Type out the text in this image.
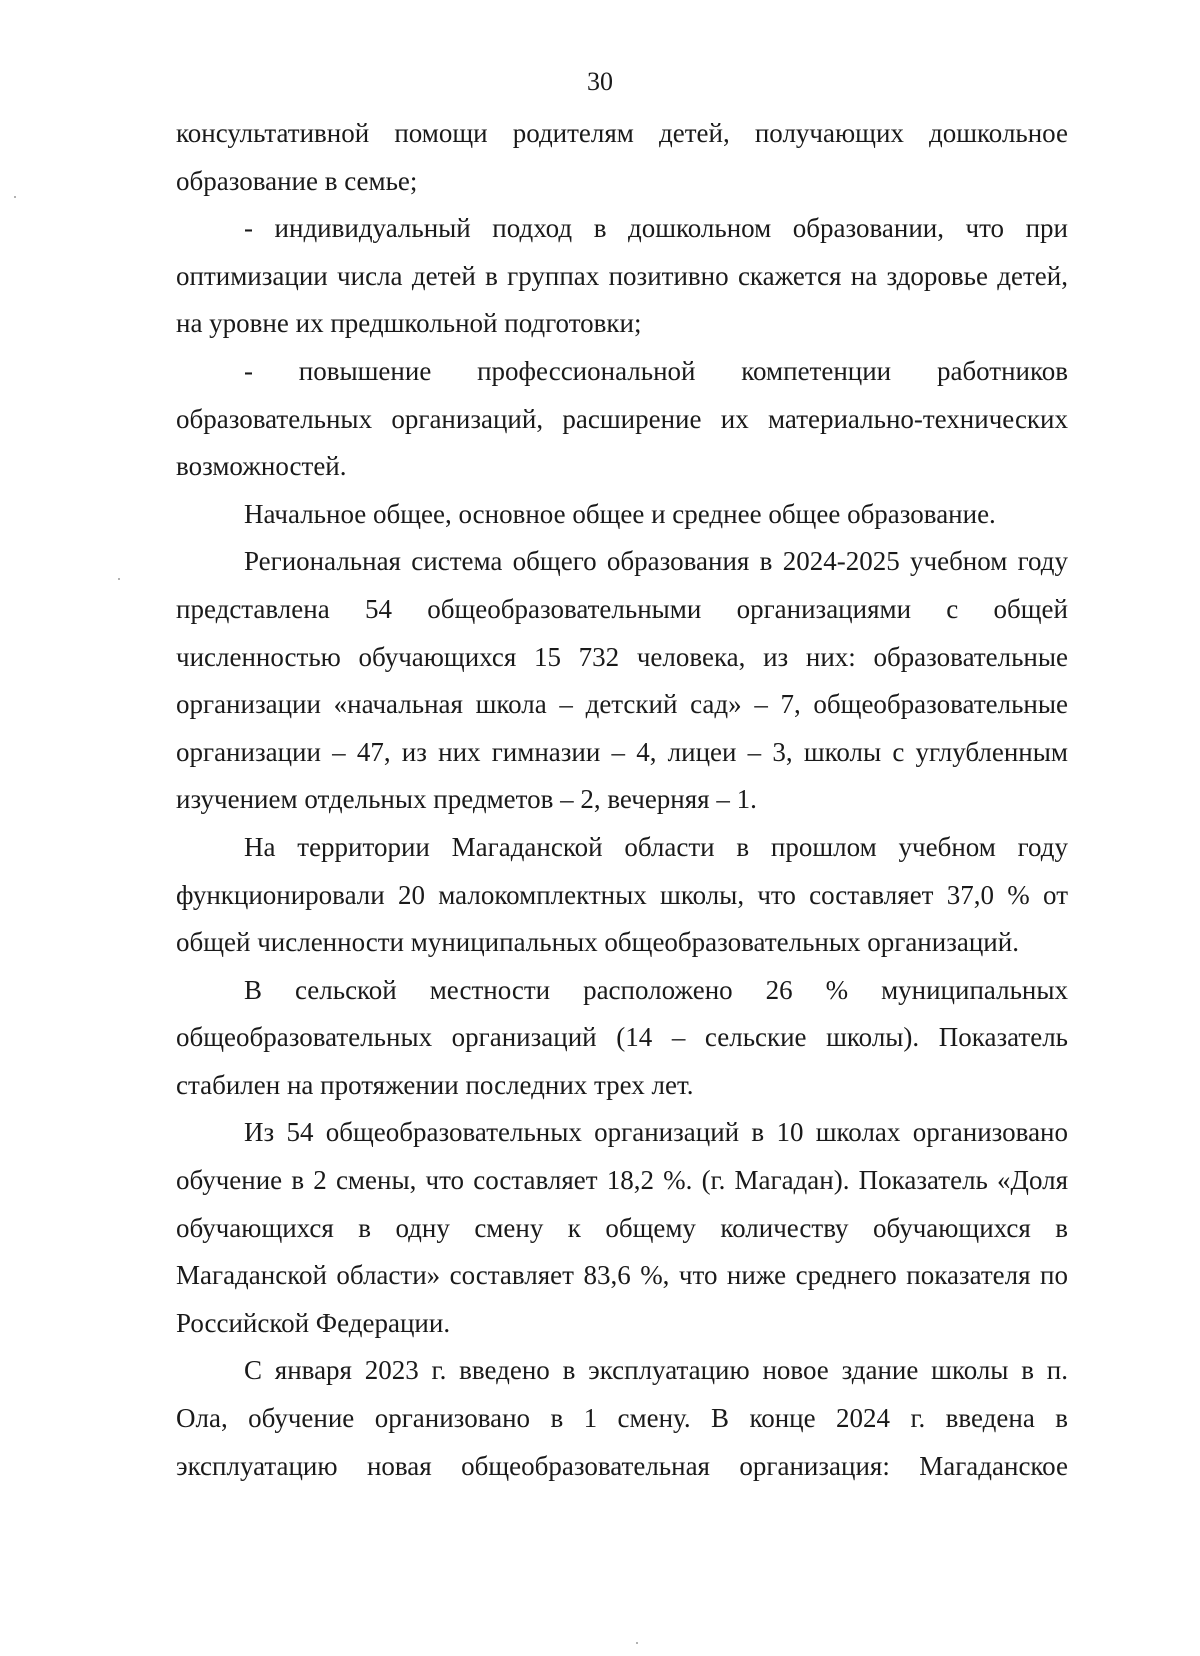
30
консультативной помощи родителям детей, получающих дошкольное
образование в семье;
- индивидуальный подход в дошкольном образовании, что при
оптимизации числа детей в группах позитивно скажется на здоровье детей,
на уровне их предшкольной подготовки;
-    повышение    профессиональной    компетенции    работников
образовательных организаций, расширение их материально-технических
возможностей.
Начальное общее, основное общее и среднее общее образование.
Региональная система общего образования в 2024-2025 учебном году
представлена 54 общеобразовательными организациями с общей
численностью обучающихся 15 732 человека, из них: образовательные
организации «начальная школа – детский сад» – 7, общеобразовательные
организации – 47, из них гимназии – 4, лицеи – 3, школы с углубленным
изучением отдельных предметов – 2, вечерняя – 1.
На территории Магаданской области в прошлом учебном году
функционировали 20 малокомплектных школы, что составляет 37,0 % от
общей численности муниципальных общеобразовательных организаций.
В сельской местности расположено 26 % муниципальных
общеобразовательных организаций (14 – сельские школы). Показатель
стабилен на протяжении последних трех лет.
Из 54 общеобразовательных организаций в 10 школах организовано
обучение в 2 смены, что составляет 18,2 %. (г. Магадан). Показатель «Доля
обучающихся в одну смену к общему количеству обучающихся в
Магаданской области» составляет 83,6 %, что ниже среднего показателя по
Российской Федерации.
С января 2023 г. введено в эксплуатацию новое здание школы в п.
Ола, обучение организовано в 1 смену. В конце 2024 г. введена в
эксплуатацию новая общеобразовательная организация: Магаданское
